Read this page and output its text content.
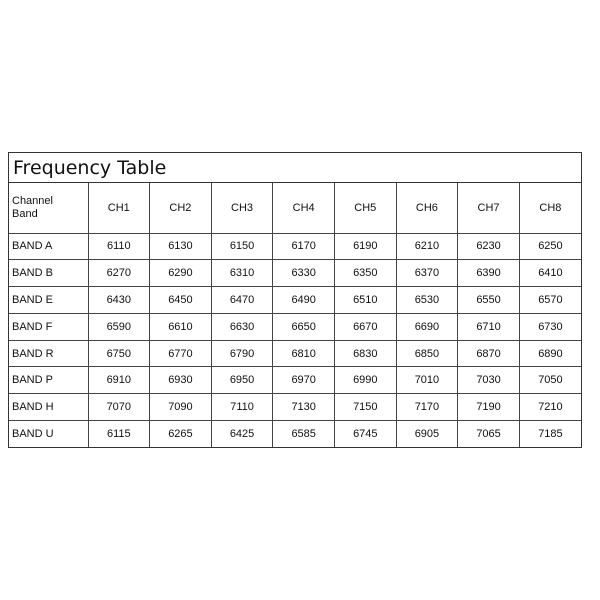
Frequency Table
Channel
Band	CH1	CH2	CH3	CH4	CH5	CH6	CH7	CH8
BAND A	6110	6130	6150	6170	6190	6210	6230	6250
BAND B	6270	6290	6310	6330	6350	6370	6390	6410
BAND E	6430	6450	6470	6490	6510	6530	6550	6570
BAND F	6590	6610	6630	6650	6670	6690	6710	6730
BAND R	6750	6770	6790	6810	6830	6850	6870	6890
BAND P	6910	6930	6950	6970	6990	7010	7030	7050
BAND H	7070	7090	7110	7130	7150	7170	7190	7210
BAND U	6115	6265	6425	6585	6745	6905	7065	7185
